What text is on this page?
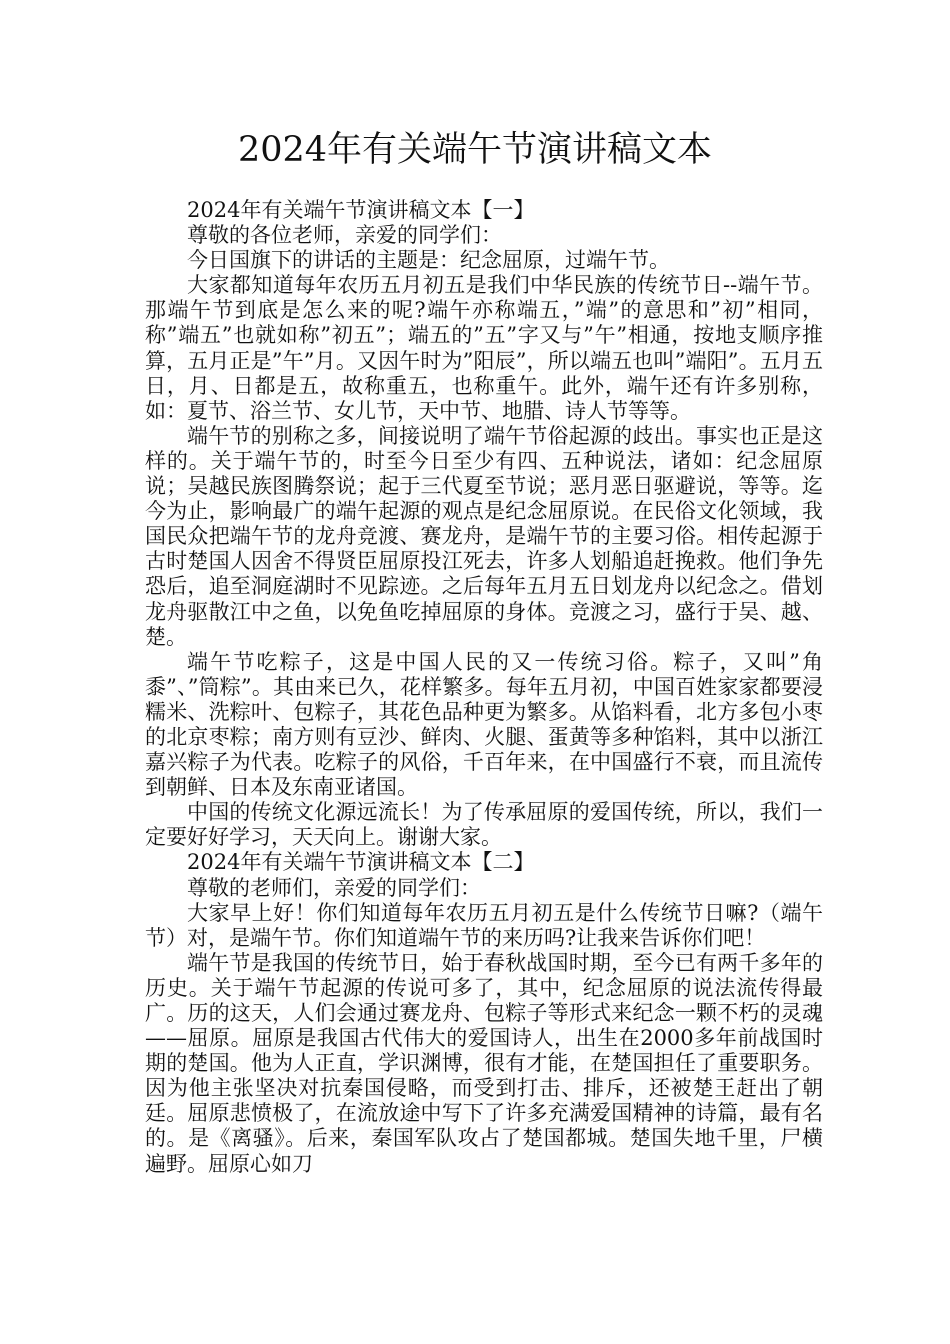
2024年有关端午节演讲稿文本

2024年有关端午节演讲稿文本【一】

尊敬的各位老师，亲爱的同学们：

今日国旗下的讲话的主题是：纪念屈原，过端午节。

大家都知道每年农历五月初五是我们中华民族的传统节日--端午节。那端午节到底是怎么来的呢?端午亦称端五，”端”的意思和”初”相同，称”端五”也就如称”初五”；端五的”五”字又与”午”相通，按地支顺序推算，五月正是”午”月。又因午时为”阳辰”，所以端五也叫”端阳”。五月五日，月、日都是五，故称重五，也称重午。此外，端午还有许多别称，如：夏节、浴兰节、女儿节，天中节、地腊、诗人节等等。

端午节的别称之多，间接说明了端午节俗起源的歧出。事实也正是这样的。关于端午节的，时至今日至少有四、五种说法，诸如：纪念屈原说；吴越民族图腾祭说；起于三代夏至节说；恶月恶日驱避说，等等。迄今为止，影响最广的端午起源的观点是纪念屈原说。在民俗文化领域，我国民众把端午节的龙舟竞渡、赛龙舟，是端午节的主要习俗。相传起源于古时楚国人因舍不得贤臣屈原投江死去，许多人划船追赶挽救。他们争先恐后，追至洞庭湖时不见踪迹。之后每年五月五日划龙舟以纪念之。借划龙舟驱散江中之鱼，以免鱼吃掉屈原的身体。竞渡之习，盛行于吴、越、楚。

端午节吃粽子，这是中国人民的又一传统习俗。粽子，又叫”角黍”、”筒粽”。其由来已久，花样繁多。每年五月初，中国百姓家家都要浸糯米、洗粽叶、包粽子，其花色品种更为繁多。从馅料看，北方多包小枣的北京枣粽；南方则有豆沙、鲜肉、火腿、蛋黄等多种馅料，其中以浙江嘉兴粽子为代表。吃粽子的风俗，千百年来，在中国盛行不衰，而且流传到朝鲜、日本及东南亚诸国。

中国的传统文化源远流长！为了传承屈原的爱国传统，所以，我们一定要好好学习，天天向上。谢谢大家。

2024年有关端午节演讲稿文本【二】

尊敬的老师们，亲爱的同学们：

大家早上好！你们知道每年农历五月初五是什么传统节日嘛?（端午节）对，是端午节。你们知道端午节的来历吗?让我来告诉你们吧！

端午节是我国的传统节日，始于春秋战国时期，至今已有两千多年的历史。关于端午节起源的传说可多了，其中，纪念屈原的说法流传得最广。历的这天，人们会通过赛龙舟、包粽子等形式来纪念一颗不朽的灵魂——屈原。屈原是我国古代伟大的爱国诗人，出生在2000多年前战国时期的楚国。他为人正直，学识渊博，很有才能，在楚国担任了重要职务。因为他主张坚决对抗秦国侵略，而受到打击、排斥，还被楚王赶出了朝廷。屈原悲愤极了，在流放途中写下了许多充满爱国精神的诗篇，最有名的。是《离骚》。后来，秦国军队攻占了楚国都城。楚国失地千里，尸横遍野。屈原心如刀
